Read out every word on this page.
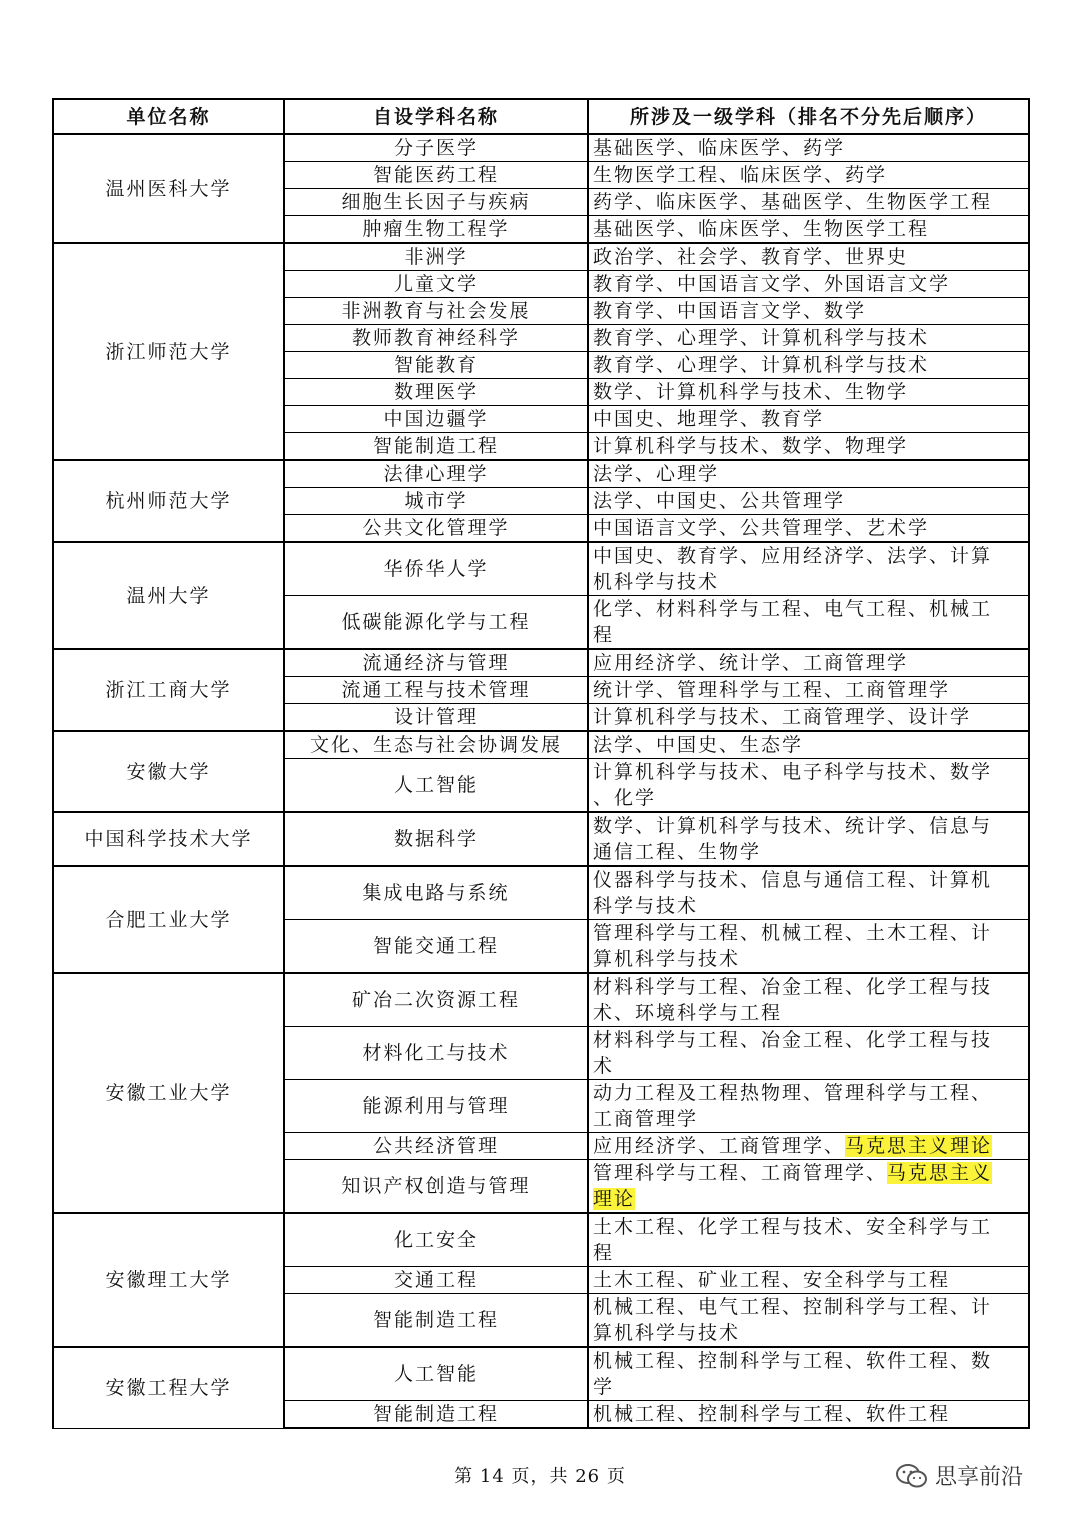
单位名称	自设学科名称	所涉及一级学科（排名不分先后顺序）
温州医科大学	分子医学	基础医学、临床医学、药学

	智能医药工程	生物医学工程、临床医学、药学

	细胞生长因子与疾病	药学、临床医学、基础医学、生物医学工程

	肿瘤生物工程学	基础医学、临床医学、生物医学工程

浙江师范大学	非洲学	政治学、社会学、教育学、世界史

	儿童文学	教育学、中国语言文学、外国语言文学

	非洲教育与社会发展	教育学、中国语言文学、数学

	教师教育神经科学	教育学、心理学、计算机科学与技术

	智能教育	教育学、心理学、计算机科学与技术

	数理医学	数学、计算机科学与技术、生物学

	中国边疆学	中国史、地理学、教育学

	智能制造工程	计算机科学与技术、数学、物理学

杭州师范大学	法律心理学	法学、心理学

	城市学	法学、中国史、公共管理学

	公共文化管理学	中国语言文学、公共管理学、艺术学

温州大学	华侨华人学	中国史、教育学、应用经济学、法学、计算
机科学与技术

	低碳能源化学与工程	化学、材料科学与工程、电气工程、机械工
程

浙江工商大学	流通经济与管理	应用经济学、统计学、工商管理学

	流通工程与技术管理	统计学、管理科学与工程、工商管理学

	设计管理	计算机科学与技术、工商管理学、设计学

安徽大学	文化、生态与社会协调发展	法学、中国史、生态学

	人工智能	计算机科学与技术、电子科学与技术、数学
、化学

中国科学技术大学	数据科学	数学、计算机科学与技术、统计学、信息与
通信工程、生物学

合肥工业大学	集成电路与系统	仪器科学与技术、信息与通信工程、计算机
科学与技术

	智能交通工程	管理科学与工程、机械工程、土木工程、计
算机科学与技术

安徽工业大学	矿冶二次资源工程	材料科学与工程、冶金工程、化学工程与技
术、环境科学与工程

	材料化工与技术	材料科学与工程、冶金工程、化学工程与技
术

	能源利用与管理	动力工程及工程热物理、管理科学与工程、
工商管理学

	公共经济管理	应用经济学、工商管理学、马克思主义理论

	知识产权创造与管理	管理科学与工程、工商管理学、马克思主义
理论

安徽理工大学	化工安全	土木工程、化学工程与技术、安全科学与工
程

	交通工程	土木工程、矿业工程、安全科学与工程

	智能制造工程	机械工程、电气工程、控制科学与工程、计
算机科学与技术

安徽工程大学	人工智能	机械工程、控制科学与工程、软件工程、数
学

	智能制造工程	机械工程、控制科学与工程、软件工程
第 14 页，共 26 页	思享前沿
